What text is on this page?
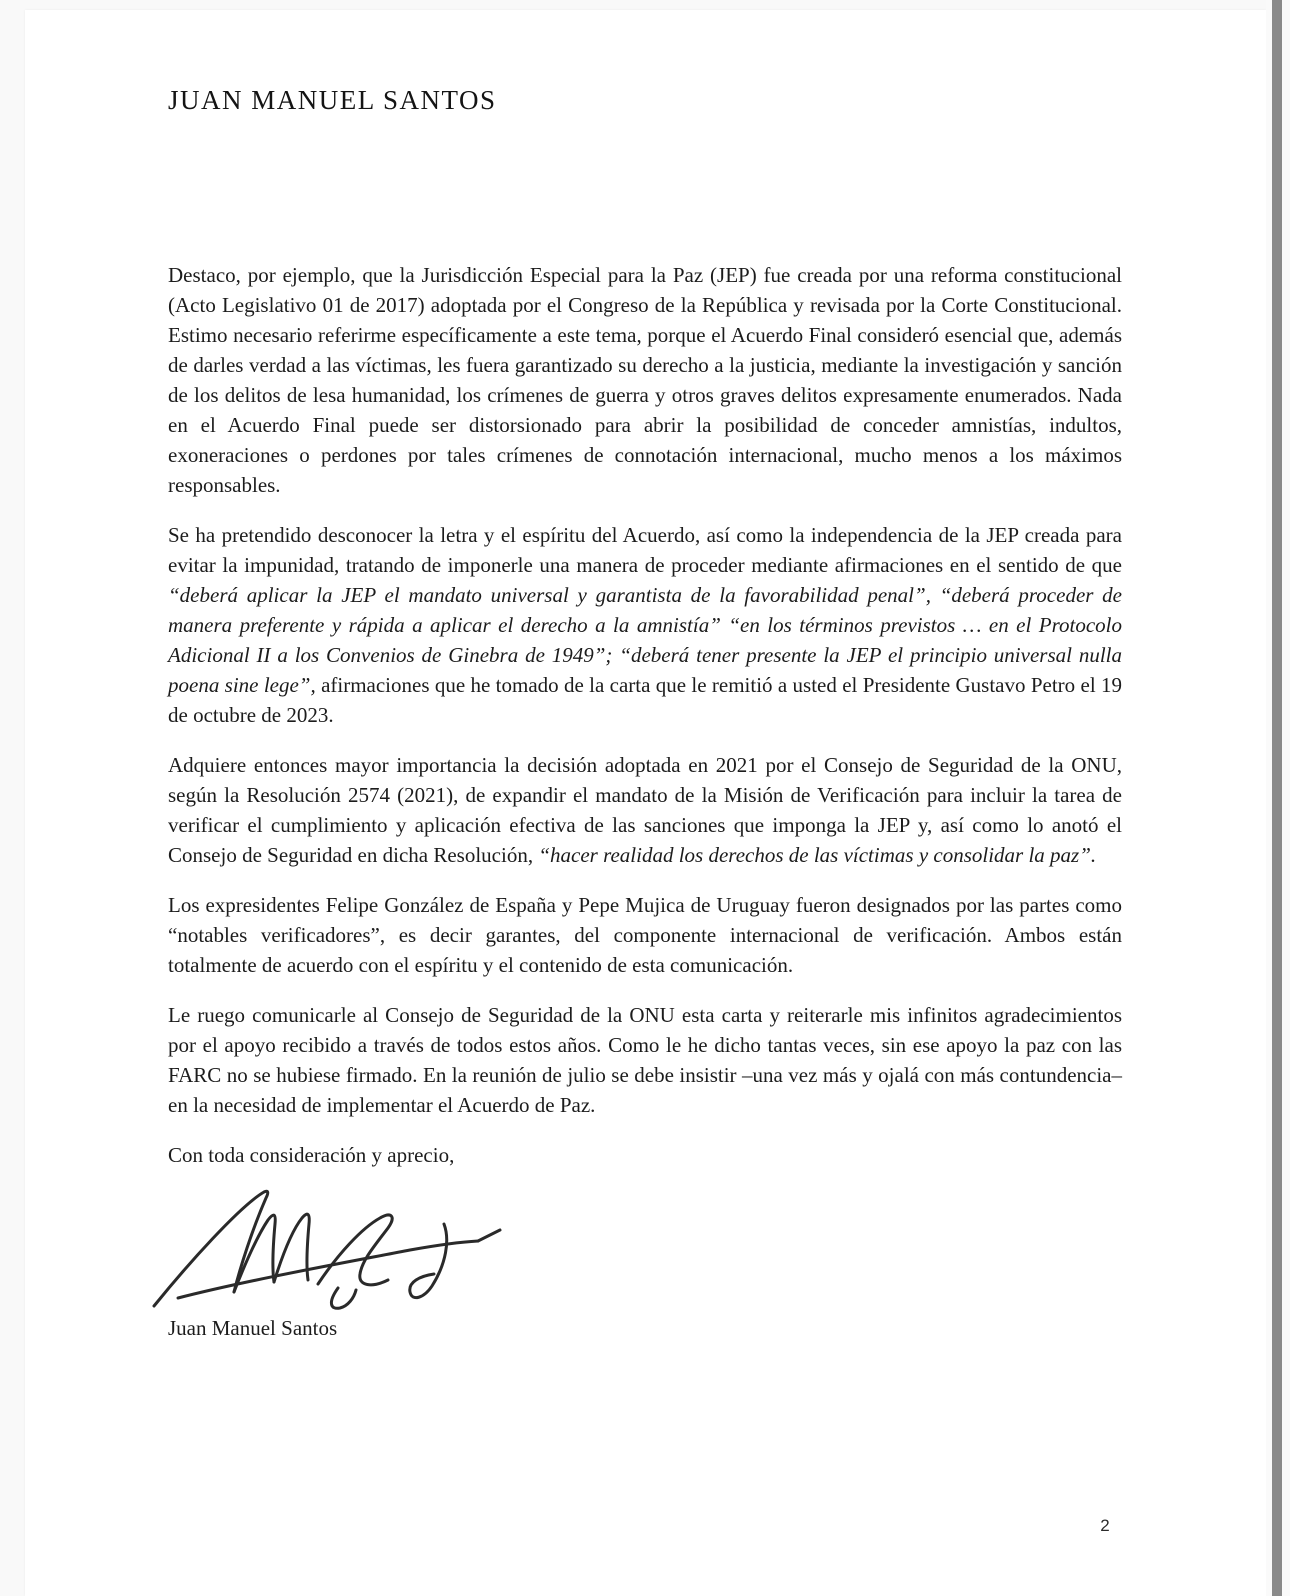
JUAN MANUEL SANTOS

Destaco, por ejemplo, que la Jurisdicción Especial para la Paz (JEP) fue creada por una reforma constitucional (Acto Legislativo 01 de 2017) adoptada por el Congreso de la República y revisada por la Corte Constitucional. Estimo necesario referirme específicamente a este tema, porque el Acuerdo Final consideró esencial que, además de darles verdad a las víctimas, les fuera garantizado su derecho a la justicia, mediante la investigación y sanción de los delitos de lesa humanidad, los crímenes de guerra y otros graves delitos expresamente enumerados. Nada en el Acuerdo Final puede ser distorsionado para abrir la posibilidad de conceder amnistías, indultos, exoneraciones o perdones por tales crímenes de connotación internacional, mucho menos a los máximos responsables.

Se ha pretendido desconocer la letra y el espíritu del Acuerdo, así como la independencia de la JEP creada para evitar la impunidad, tratando de imponerle una manera de proceder mediante afirmaciones en el sentido de que “deberá aplicar la JEP el mandato universal y garantista de la favorabilidad penal”, “deberá proceder de manera preferente y rápida a aplicar el derecho a la amnistía” “en los términos previstos … en el Protocolo Adicional II a los Convenios de Ginebra de 1949”; “deberá tener presente la JEP el principio universal nulla poena sine lege”, afirmaciones que he tomado de la carta que le remitió a usted el Presidente Gustavo Petro el 19 de octubre de 2023.

Adquiere entonces mayor importancia la decisión adoptada en 2021 por el Consejo de Seguridad de la ONU, según la Resolución 2574 (2021), de expandir el mandato de la Misión de Verificación para incluir la tarea de verificar el cumplimiento y aplicación efectiva de las sanciones que imponga la JEP y, así como lo anotó el Consejo de Seguridad en dicha Resolución, “hacer realidad los derechos de las víctimas y consolidar la paz”.

Los expresidentes Felipe González de España y Pepe Mujica de Uruguay fueron designados por las partes como “notables verificadores”, es decir garantes, del componente internacional de verificación. Ambos están totalmente de acuerdo con el espíritu y el contenido de esta comunicación.

Le ruego comunicarle al Consejo de Seguridad de la ONU esta carta y reiterarle mis infinitos agradecimientos por el apoyo recibido a través de todos estos años. Como le he dicho tantas veces, sin ese apoyo la paz con las FARC no se hubiese firmado. En la reunión de julio se debe insistir –una vez más y ojalá con más contundencia– en la necesidad de implementar el Acuerdo de Paz.

Con toda consideración y aprecio,

Juan Manuel Santos

2
